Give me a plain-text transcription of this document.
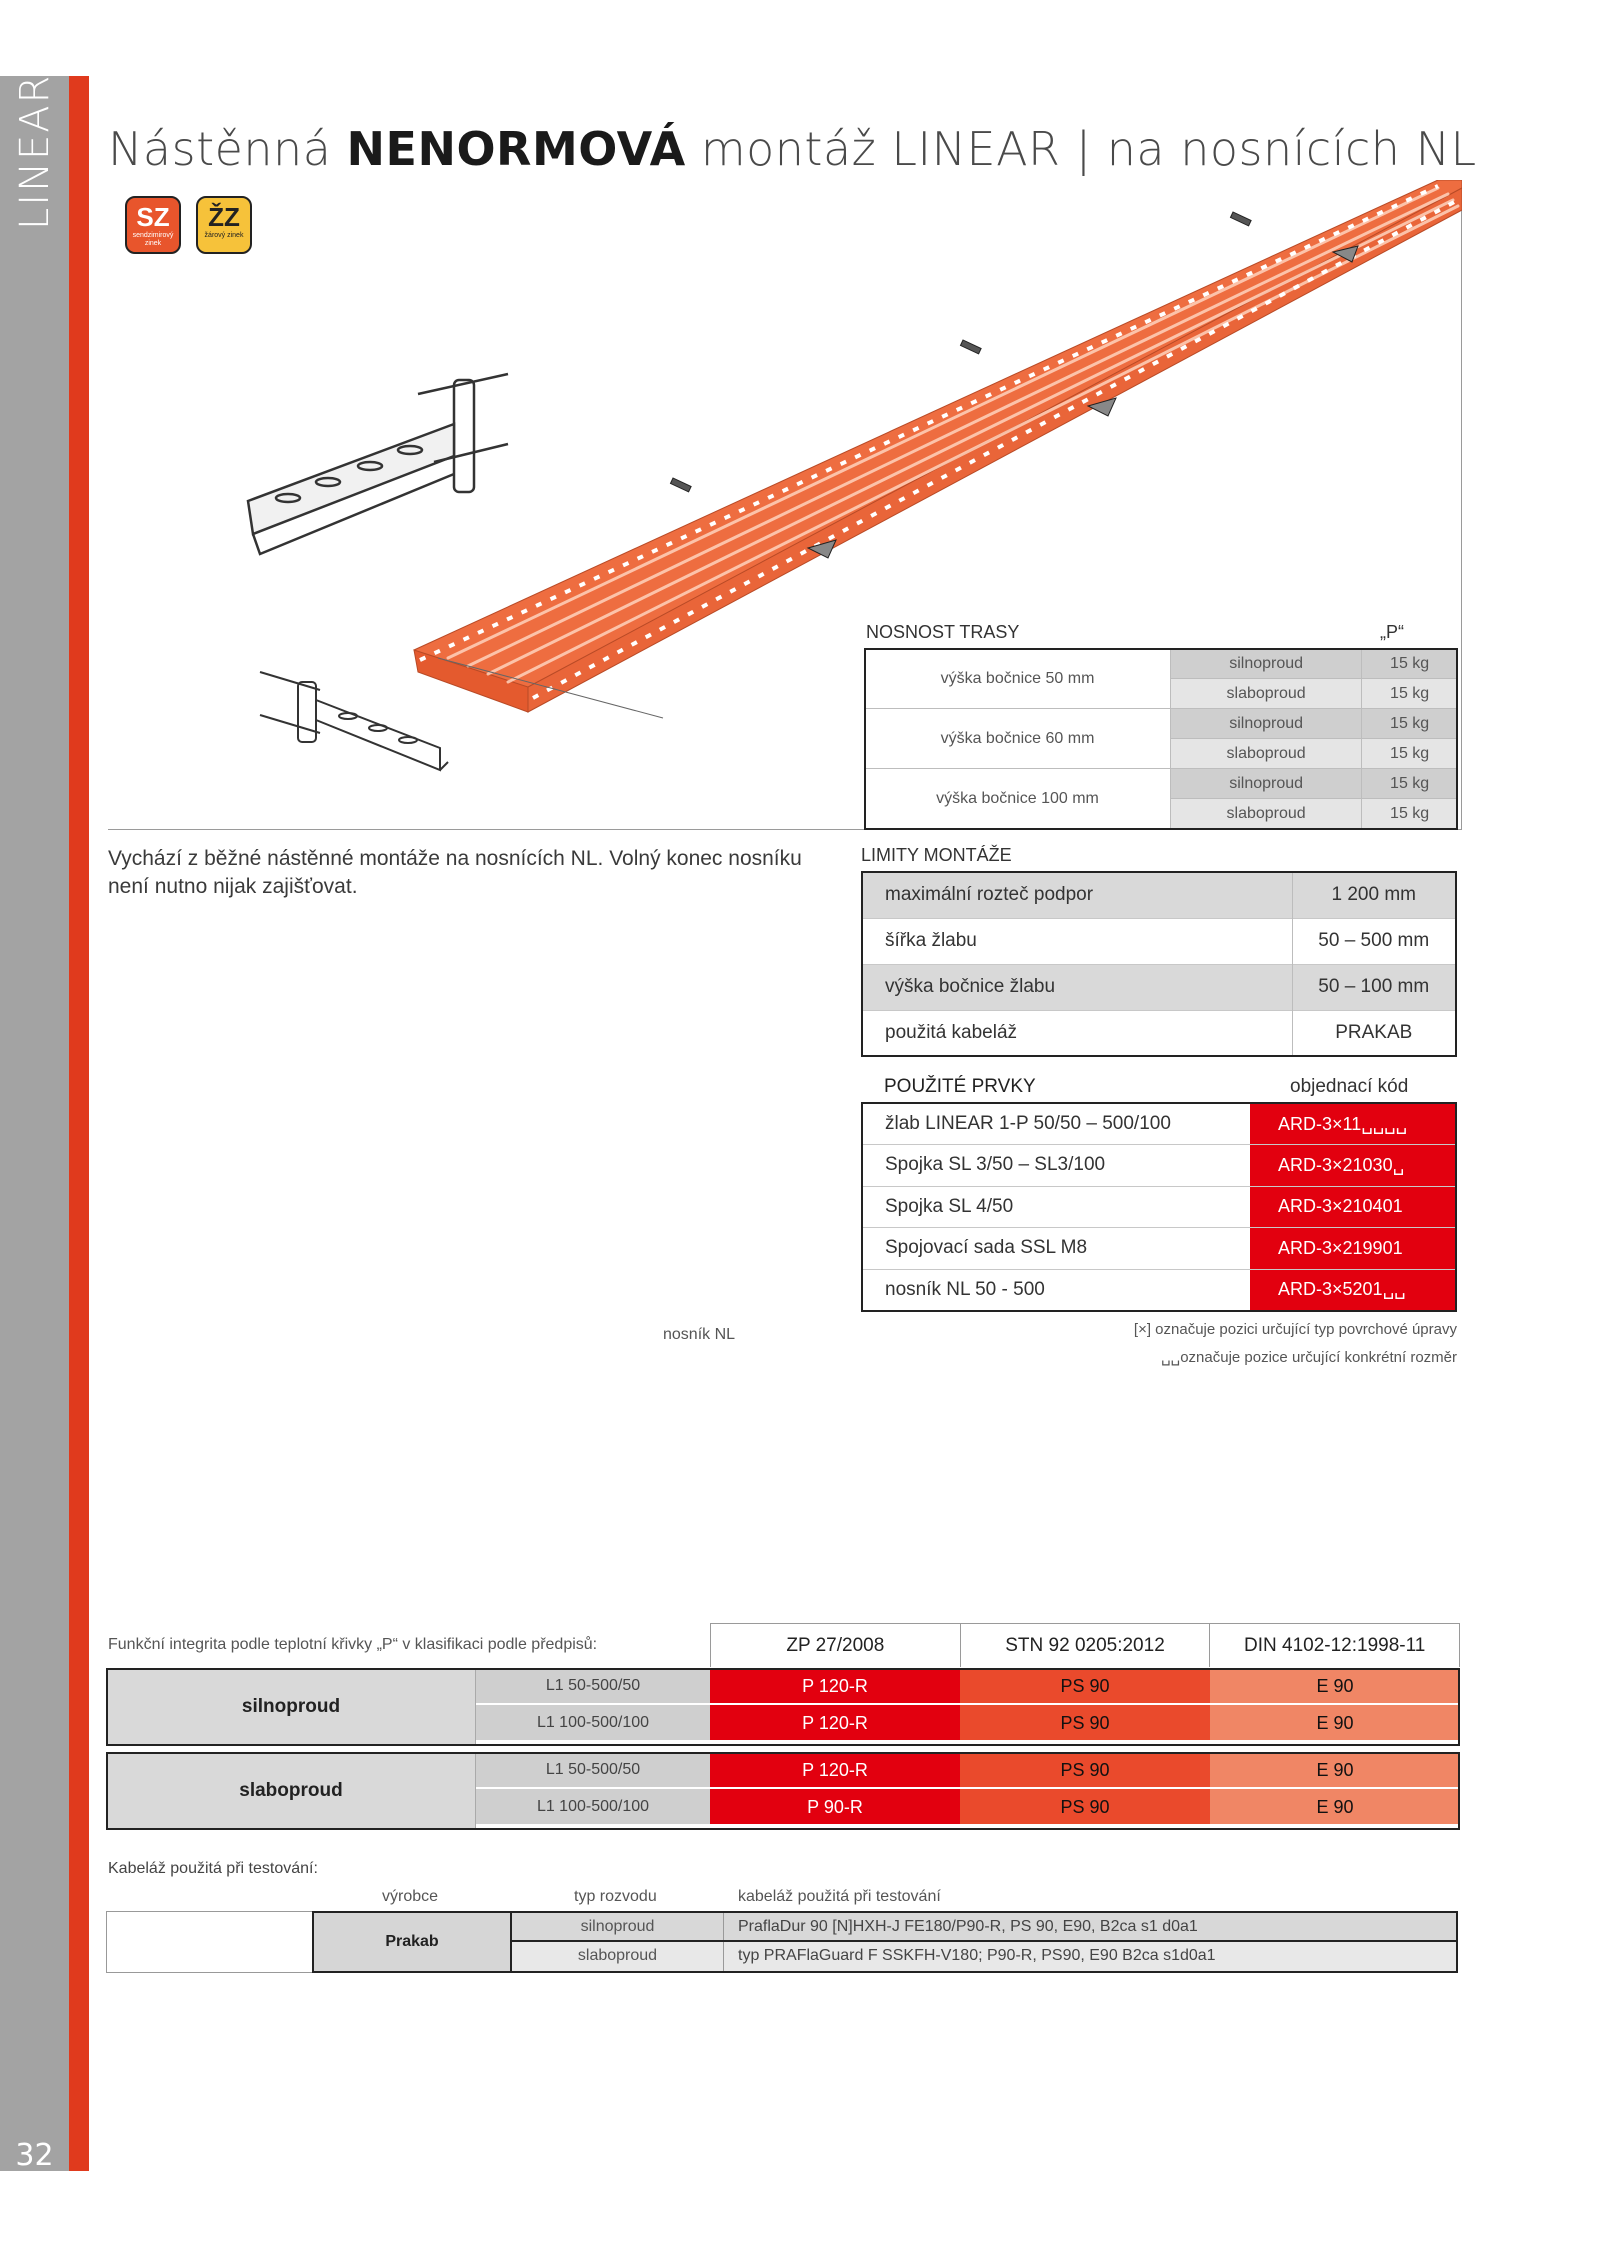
32
Nástěnná NENORMOVÁ montáž LINEAR | na nosnících NL
nosník NL
SZ
sendzimirový zinek
ŽZ
žárový zinek
Vychází z běžné nástěnné montáže na nosnících NL. Volný konec nosníku není nutno nijak zajišťovat.
NOSNOST TRASY	„P“
výška bočnice 50 mm	silnoproud	15 kg
	slaboproud	15 kg
výška bočnice 60 mm	silnoproud	15 kg
	slaboproud	15 kg
výška bočnice 100 mm	silnoproud	15 kg
	slaboproud	15 kg
LIMITY MONTÁŽE
maximální rozteč podpor	1 200 mm
šířka žlabu	50 – 500 mm
výška bočnice žlabu	50 – 100 mm
použitá kabeláž	PRAKAB
POUŽITÉ PRVKY	objednací kód
žlab LINEAR 1-P 50/50 – 500/100	ARD-3×11␣␣␣␣
Spojka SL 3/50 – SL3/100	ARD-3×21030␣
Spojka SL 4/50	ARD-3×210401
Spojovací sada SSL M8	ARD-3×219901
nosník NL 50 - 500	ARD-3×5201␣␣
[×] označuje pozici určující typ povrchové úpravy
␣␣označuje pozice určující konkrétní rozměr
Funkční integrita podle teplotní křivky „P“ v klasifikaci podle předpisů:	ZP 27/2008	STN 92 0205:2012	DIN 4102-12:1998-11
silnoproud
L1 50-500/50	P 120-R	PS 90	E 90
L1 100-500/100	P 120-R	PS 90	E 90
slaboproud
L1 50-500/50	P 120-R	PS 90	E 90
L1 100-500/100	P 90-R	PS 90	E 90
Kabeláž použitá při testování:
výrobce	typ rozvodu	kabeláž použitá při testování
Prakab
silnoproud	PraflaDur 90 [N]HXH-J FE180/P90-R, PS 90, E90, B2ca s1 d0a1
slaboproud	typ PRAFlaGuard F SSKFH-V180; P90-R, PS90, E90 B2ca s1d0a1
